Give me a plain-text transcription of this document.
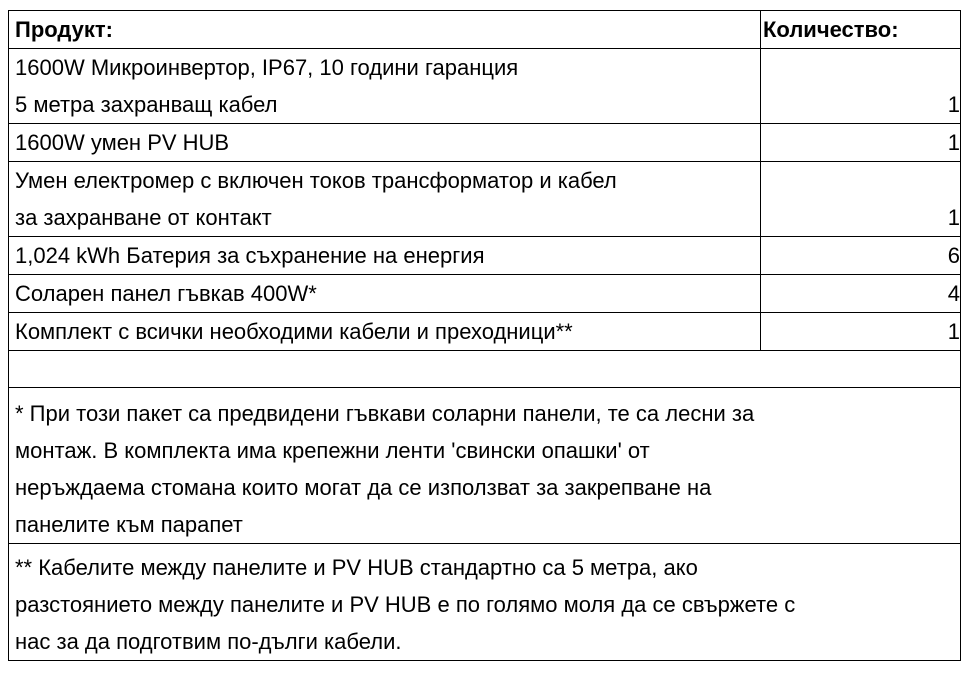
Продукт:	Количество:

1600W Микроинвертор, IP67, 10 години гаранция
5 метра захранващ кабел	1

1600W умен PV HUB	1

Умен електромер с включен токов трансформатор и кабел
за захранване от контакт	1

1,024 kWh Батерия за съхранение на енергия	6

Соларен панел гъвкав 400W*	4

Комплект с всички необходими кабели и преходници**	1

* При този пакет са предвидени гъвкави соларни панели, те са лесни за
монтаж. В комплекта има крепежни ленти 'свински опашки' от
неръждаема стомана които могат да се използват за закрепване на
панелите към парапет	

** Кабелите между панелите и PV HUB стандартно са 5 метра, ако
разстоянието между панелите и PV HUB е по голямо моля да се свържете с
нас за да подготвим по-дълги кабели.	
